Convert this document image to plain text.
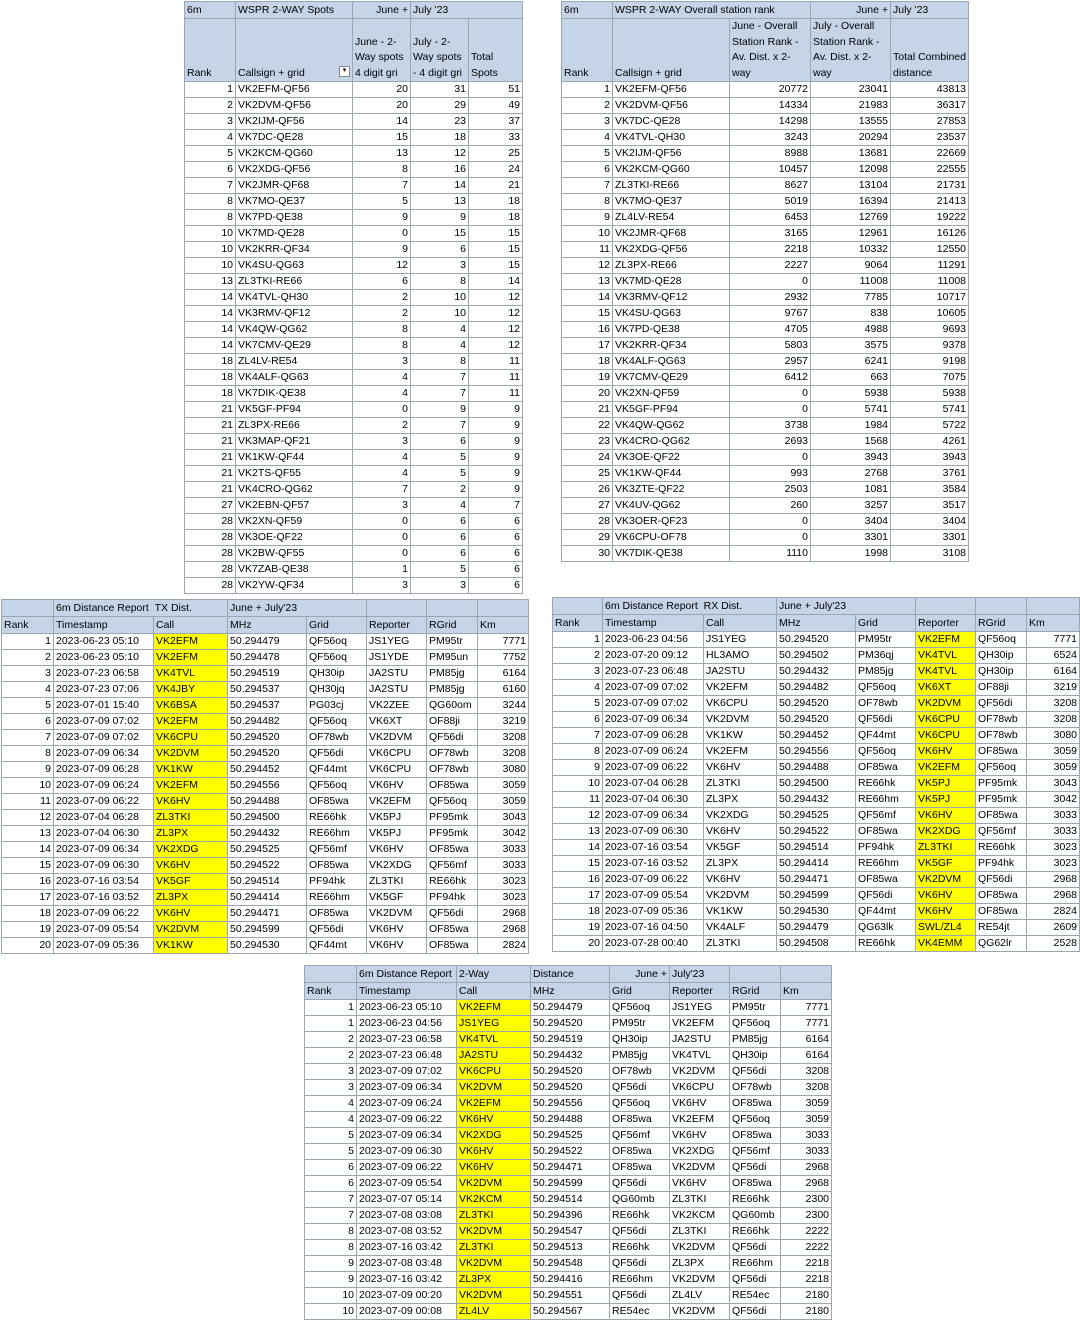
6m	WSPR 2-WAY Spots	June +	July '23	
Rank	Callsign + grid ▾	June - 2-Way spots 4 digit gri	July - 2-Way spots - 4 digit gri	Total Spots
1	VK2EFM-QF56	20	31	51
2	VK2DVM-QF56	20	29	49
3	VK2IJM-QF56	14	23	37
4	VK7DC-QE28	15	18	33
5	VK2KCM-QG60	13	12	25
6	VK2XDG-QF56	8	16	24
7	VK2JMR-QF68	7	14	21
8	VK7MO-QE37	5	13	18
8	VK7PD-QE38	9	9	18
10	VK7MD-QE28	0	15	15
10	VK2KRR-QF34	9	6	15
10	VK4SU-QG63	12	3	15
13	ZL3TKI-RE66	6	8	14
14	VK4TVL-QH30	2	10	12
14	VK3RMV-QF12	2	10	12
14	VK4QW-QG62	8	4	12
14	VK7CMV-QE29	8	4	12
18	ZL4LV-RE54	3	8	11
18	VK4ALF-QG63	4	7	11
18	VK7DIK-QE38	4	7	11
21	VK5GF-PF94	0	9	9
21	ZL3PX-RE66	2	7	9
21	VK3MAP-QF21	3	6	9
21	VK1KW-QF44	4	5	9
21	VK2TS-QF55	4	5	9
21	VK4CRO-QG62	7	2	9
27	VK2EBN-QF57	3	4	7
28	VK2XN-QF59	0	6	6
28	VK3OE-QF22	0	6	6
28	VK2BW-QF55	0	6	6
28	VK7ZAB-QE38	1	5	6
28	VK2YW-QF34	3	3	6
6m	WSPR 2-WAY Overall station rank		June +	July '23
Rank	Callsign + grid	June - Overall Station Rank - Av. Dist. x 2-way	July - Overall Station Rank - Av. Dist. x 2-way	Total Combined distance
1	VK2EFM-QF56	20772	23041	43813
2	VK2DVM-QF56	14334	21983	36317
3	VK7DC-QE28	14298	13555	27853
4	VK4TVL-QH30	3243	20294	23537
5	VK2IJM-QF56	8988	13681	22669
6	VK2KCM-QG60	10457	12098	22555
7	ZL3TKI-RE66	8627	13104	21731
8	VK7MO-QE37	5019	16394	21413
9	ZL4LV-RE54	6453	12769	19222
10	VK2JMR-QF68	3165	12961	16126
11	VK2XDG-QF56	2218	10332	12550
12	ZL3PX-RE66	2227	9064	11291
13	VK7MD-QE28	0	11008	11008
14	VK3RMV-QF12	2932	7785	10717
15	VK4SU-QG63	9767	838	10605
16	VK7PD-QE38	4705	4988	9693
17	VK2KRR-QF34	5803	3575	9378
18	VK4ALF-QG63	2957	6241	9198
19	VK7CMV-QE29	6412	663	7075
20	VK2XN-QF59	0	5938	5938
21	VK5GF-PF94	0	5741	5741
22	VK4QW-QG62	3738	1984	5722
23	VK4CRO-QG62	2693	1568	4261
24	VK3OE-QF22	0	3943	3943
25	VK1KW-QF44	993	2768	3761
26	VK3ZTE-QF22	2503	1081	3584
27	VK4UV-QG62	260	3257	3517
28	VK3OER-QF23	0	3404	3404
29	VK6CPU-OF78	0	3301	3301
30	VK7DIK-QE38	1110	1998	3108
	6m Distance Report TX Dist.		June + July'23				
Rank	Timestamp	Call	MHz	Grid	Reporter	RGrid	Km
1	2023-06-23 05:10	VK2EFM	50.294479	QF56oq	JS1YEG	PM95tr	7771
2	2023-06-23 05:10	VK2EFM	50.294478	QF56oq	JS1YDE	PM95un	7752
3	2023-07-23 06:58	VK4TVL	50.294519	QH30ip	JA2STU	PM85jg	6164
4	2023-07-23 07:06	VK4JBY	50.294537	QH30jq	JA2STU	PM85jg	6160
5	2023-07-01 15:40	VK6BSA	50.294537	PG03cj	VK2ZEE	QG60om	3244
6	2023-07-09 07:02	VK2EFM	50.294482	QF56oq	VK6XT	OF88ji	3219
7	2023-07-09 07:02	VK6CPU	50.294520	OF78wb	VK2DVM	QF56di	3208
8	2023-07-09 06:34	VK2DVM	50.294520	QF56di	VK6CPU	OF78wb	3208
9	2023-07-09 06:28	VK1KW	50.294452	QF44mt	VK6CPU	OF78wb	3080
10	2023-07-09 06:24	VK2EFM	50.294556	QF56oq	VK6HV	OF85wa	3059
11	2023-07-09 06:22	VK6HV	50.294488	OF85wa	VK2EFM	QF56oq	3059
12	2023-07-04 06:28	ZL3TKI	50.294500	RE66hk	VK5PJ	PF95mk	3043
13	2023-07-04 06:30	ZL3PX	50.294432	RE66hm	VK5PJ	PF95mk	3042
14	2023-07-09 06:34	VK2XDG	50.294525	QF56mf	VK6HV	OF85wa	3033
15	2023-07-09 06:30	VK6HV	50.294522	OF85wa	VK2XDG	QF56mf	3033
16	2023-07-16 03:54	VK5GF	50.294514	PF94hk	ZL3TKI	RE66hk	3023
17	2023-07-16 03:52	ZL3PX	50.294414	RE66hm	VK5GF	PF94hk	3023
18	2023-07-09 06:22	VK6HV	50.294471	OF85wa	VK2DVM	QF56di	2968
19	2023-07-09 05:54	VK2DVM	50.294599	QF56di	VK6HV	OF85wa	2968
20	2023-07-09 05:36	VK1KW	50.294530	QF44mt	VK6HV	OF85wa	2824
	6m Distance Report RX Dist.		June + July'23				
Rank	Timestamp	Call	MHz	Grid	Reporter	RGrid	Km
1	2023-06-23 04:56	JS1YEG	50.294520	PM95tr	VK2EFM	QF56oq	7771
2	2023-07-20 09:12	HL3AMO	50.294502	PM36qj	VK4TVL	QH30ip	6524
3	2023-07-23 06:48	JA2STU	50.294432	PM85jg	VK4TVL	QH30ip	6164
4	2023-07-09 07:02	VK2EFM	50.294482	QF56oq	VK6XT	OF88ji	3219
5	2023-07-09 07:02	VK6CPU	50.294520	OF78wb	VK2DVM	QF56di	3208
6	2023-07-09 06:34	VK2DVM	50.294520	QF56di	VK6CPU	OF78wb	3208
7	2023-07-09 06:28	VK1KW	50.294452	QF44mt	VK6CPU	OF78wb	3080
8	2023-07-09 06:24	VK2EFM	50.294556	QF56oq	VK6HV	OF85wa	3059
9	2023-07-09 06:22	VK6HV	50.294488	OF85wa	VK2EFM	QF56oq	3059
10	2023-07-04 06:28	ZL3TKI	50.294500	RE66hk	VK5PJ	PF95mk	3043
11	2023-07-04 06:30	ZL3PX	50.294432	RE66hm	VK5PJ	PF95mk	3042
12	2023-07-09 06:34	VK2XDG	50.294525	QF56mf	VK6HV	OF85wa	3033
13	2023-07-09 06:30	VK6HV	50.294522	OF85wa	VK2XDG	QF56mf	3033
14	2023-07-16 03:54	VK5GF	50.294514	PF94hk	ZL3TKI	RE66hk	3023
15	2023-07-16 03:52	ZL3PX	50.294414	RE66hm	VK5GF	PF94hk	3023
16	2023-07-09 06:22	VK6HV	50.294471	OF85wa	VK2DVM	QF56di	2968
17	2023-07-09 05:54	VK2DVM	50.294599	QF56di	VK6HV	OF85wa	2968
18	2023-07-09 05:36	VK1KW	50.294530	QF44mt	VK6HV	OF85wa	2824
19	2023-07-16 04:50	VK4ALF	50.294479	QG63lk	SWL/ZL4	RE54jt	2609
20	2023-07-28 00:40	ZL3TKI	50.294508	RE66hk	VK4EMM	QG62lr	2528
	6m Distance Report	2-Way	Distance	June +	July'23		
Rank	Timestamp	Call	MHz	Grid	Reporter	RGrid	Km
1	2023-06-23 05:10	VK2EFM	50.294479	QF56oq	JS1YEG	PM95tr	7771
1	2023-06-23 04:56	JS1YEG	50.294520	PM95tr	VK2EFM	QF56oq	7771
2	2023-07-23 06:58	VK4TVL	50.294519	QH30ip	JA2STU	PM85jg	6164
2	2023-07-23 06:48	JA2STU	50.294432	PM85jg	VK4TVL	QH30ip	6164
3	2023-07-09 07:02	VK6CPU	50.294520	OF78wb	VK2DVM	QF56di	3208
3	2023-07-09 06:34	VK2DVM	50.294520	QF56di	VK6CPU	OF78wb	3208
4	2023-07-09 06:24	VK2EFM	50.294556	QF56oq	VK6HV	OF85wa	3059
4	2023-07-09 06:22	VK6HV	50.294488	OF85wa	VK2EFM	QF56oq	3059
5	2023-07-09 06:34	VK2XDG	50.294525	QF56mf	VK6HV	OF85wa	3033
5	2023-07-09 06:30	VK6HV	50.294522	OF85wa	VK2XDG	QF56mf	3033
6	2023-07-09 06:22	VK6HV	50.294471	OF85wa	VK2DVM	QF56di	2968
6	2023-07-09 05:54	VK2DVM	50.294599	QF56di	VK6HV	OF85wa	2968
7	2023-07-07 05:14	VK2KCM	50.294514	QG60mb	ZL3TKI	RE66hk	2300
7	2023-07-08 03:08	ZL3TKI	50.294396	RE66hk	VK2KCM	QG60mb	2300
8	2023-07-08 03:52	VK2DVM	50.294547	QF56di	ZL3TKI	RE66hk	2222
8	2023-07-16 03:42	ZL3TKI	50.294513	RE66hk	VK2DVM	QF56di	2222
9	2023-07-08 03:48	VK2DVM	50.294548	QF56di	ZL3PX	RE66hm	2218
9	2023-07-16 03:42	ZL3PX	50.294416	RE66hm	VK2DVM	QF56di	2218
10	2023-07-09 00:20	VK2DVM	50.294551	QF56di	ZL4LV	RE54ec	2180
10	2023-07-09 00:08	ZL4LV	50.294567	RE54ec	VK2DVM	QF56di	2180
